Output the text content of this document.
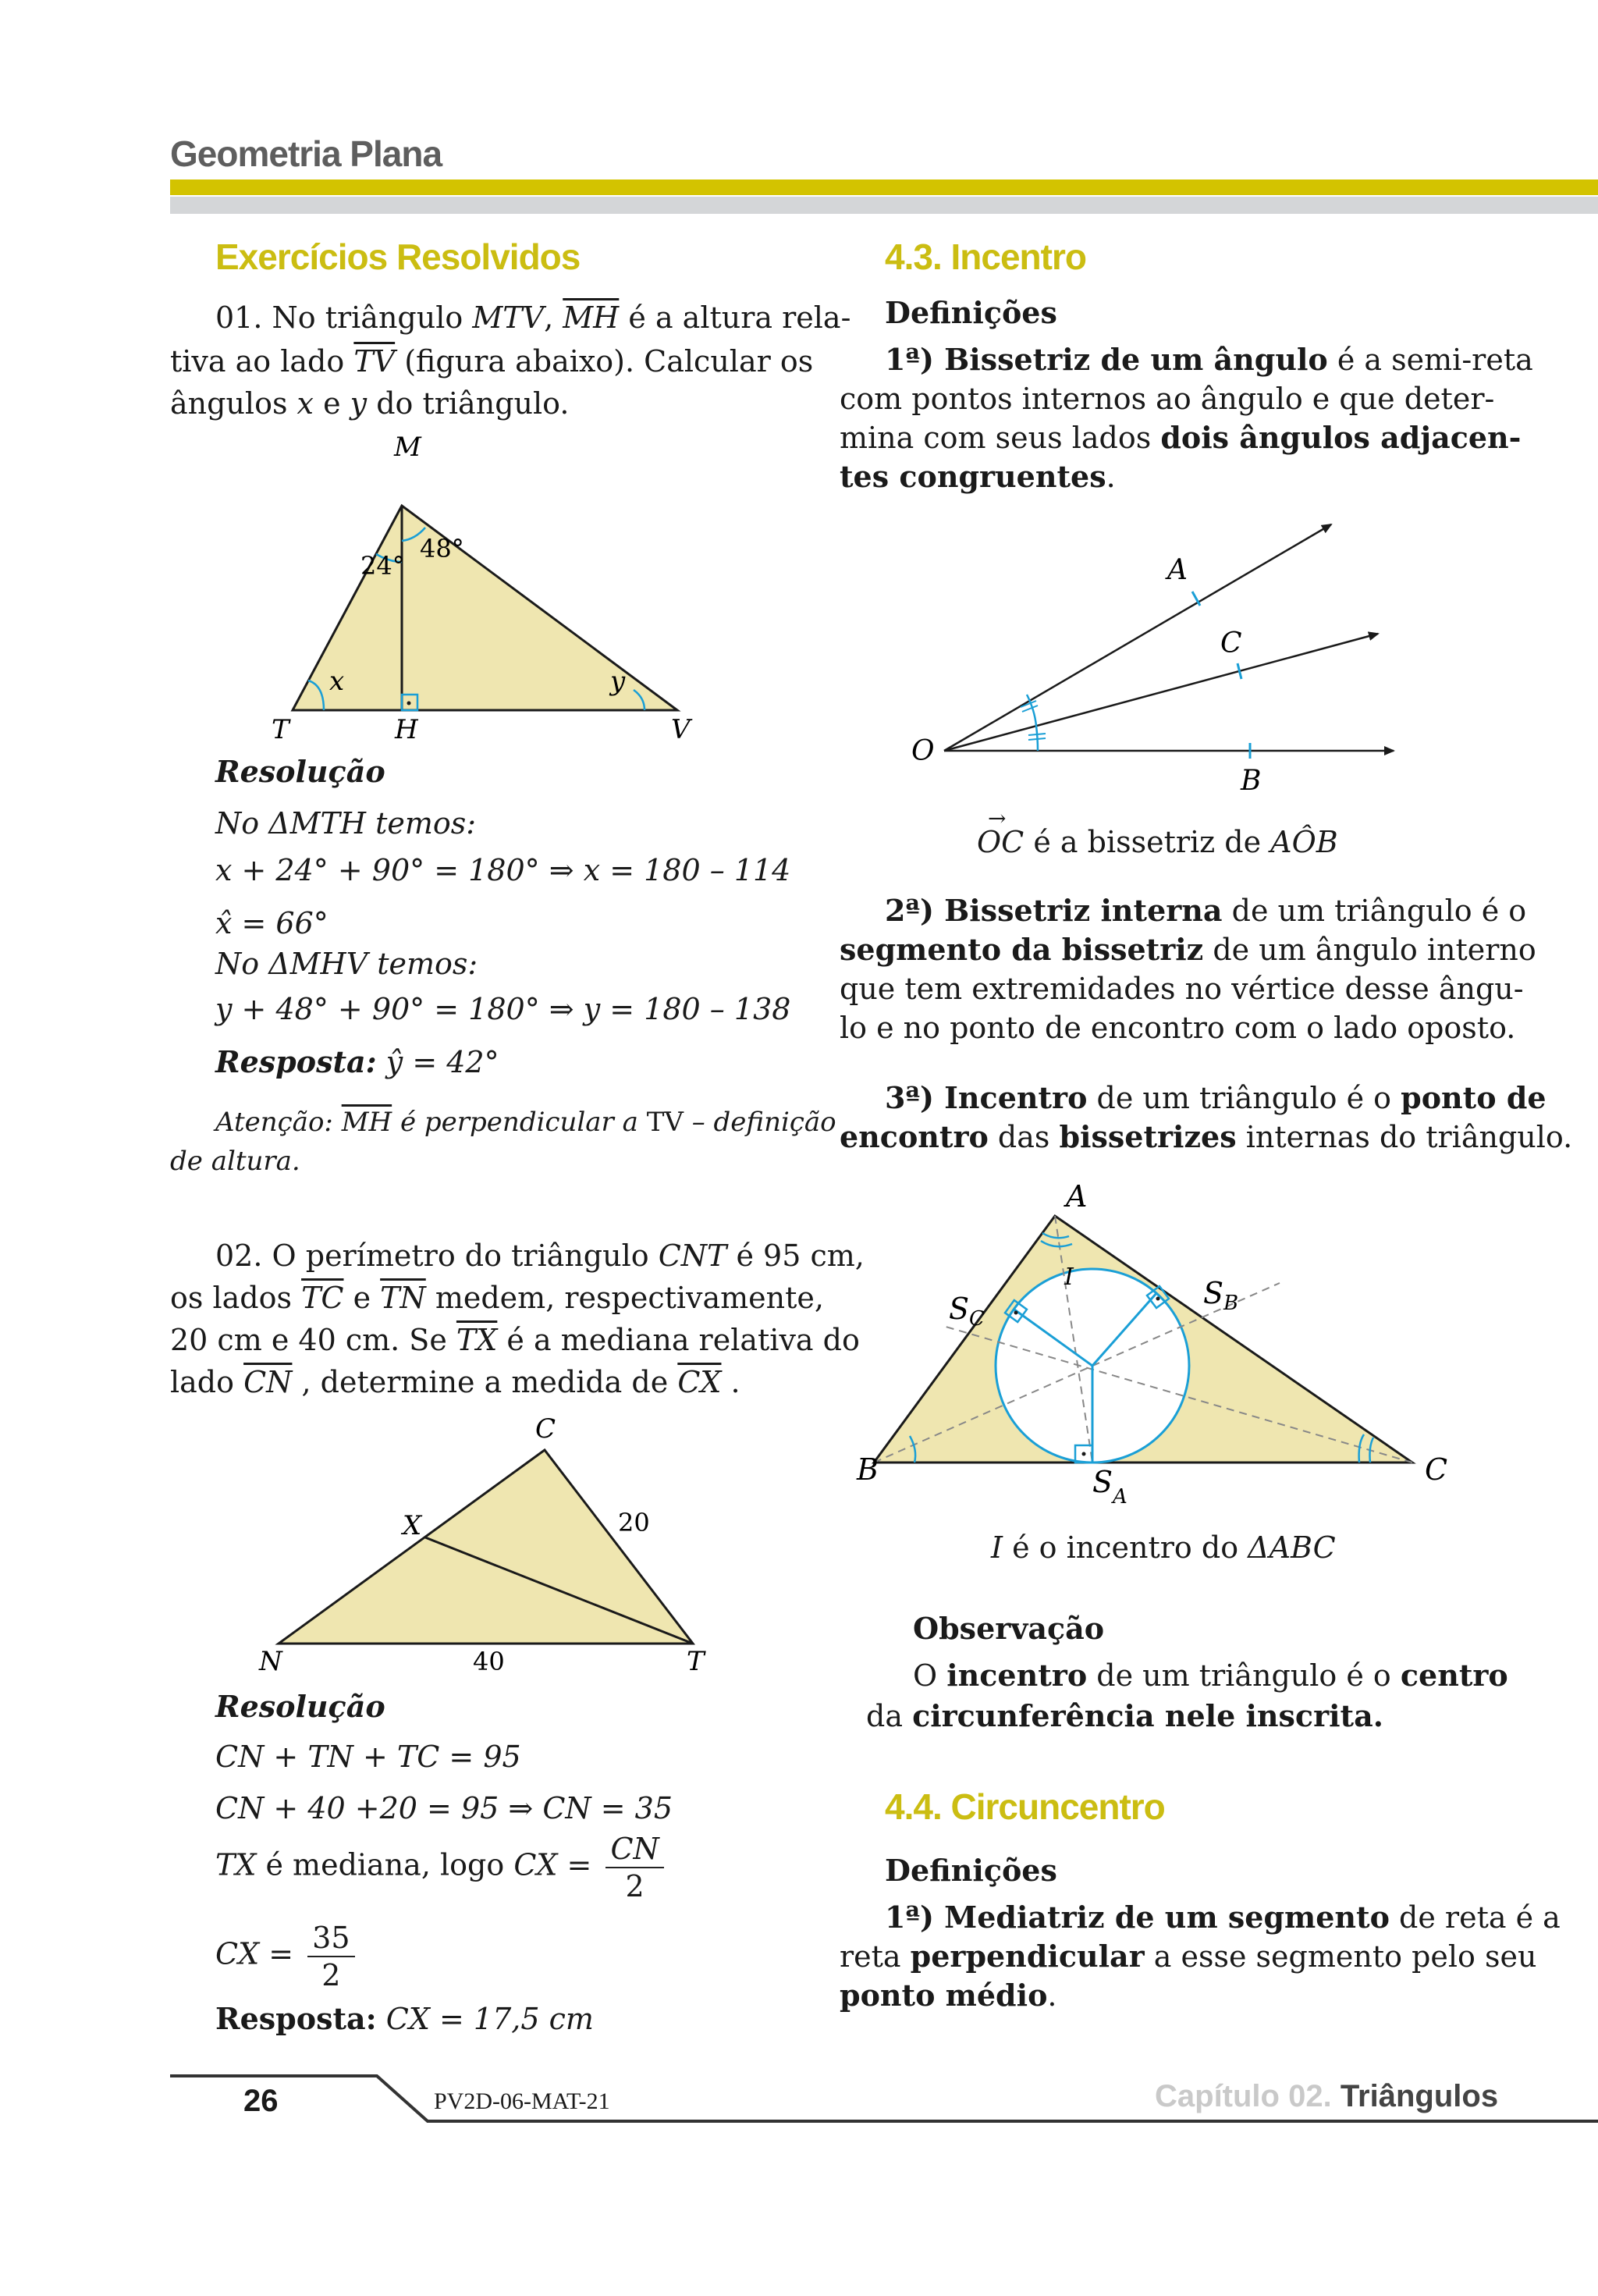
Geometria Plana
Exercícios Resolvidos
01. No triângulo MTV, $\overline{MH}$ é a altura rela-
tiva ao lado $\overline{TV}$ (figura abaixo). Calcular os
ângulos x e y do triângulo.
M
T	H	V
24°
48°
x	y
Resolução
No ΔMTH temos:
x + 24° + 90° = 180° ⇒ x = 180 – 114
x̂ = 66°
No ΔMHV temos:
y + 48° + 90° = 180° ⇒ y = 180 – 138
Resposta: ŷ = 42°
Atenção: $\overline{MH}$ é perpendicular a TV – definição
de altura.
02. O perímetro do triângulo CNT é 95 cm,
os lados $\overline{TC}$ e $\overline{TN}$ medem, respectivamente,
20 cm e 40 cm. Se $\overline{TX}$ é a mediana relativa do
lado $\overline{CN}$ , determine a medida de $\overline{CX}$ .
C
X
N	T
20
40
Resolução
CN + TN + TC = 95
CN + 40 +20 = 95 ⇒ CN = 35
TX é mediana, logo CX = $\frac{CN}{2}$
CX = $\frac{35}{2}$
Resposta: CX = 17,5 cm
4.3. Incentro
Definições
1ª) Bissetriz de um ângulo é a semi-reta
com pontos internos ao ângulo e que deter-
mina com seus lados dois ângulos adjacen-
tes congruentes.
A
C
O
B
→
OC é a bissetriz de AÔB
2ª) Bissetriz interna de um triângulo é o
segmento da bissetriz de um ângulo interno
que tem extremidades no vértice desse ângu-
lo e no ponto de encontro com o lado oposto.
3ª) Incentro de um triângulo é o ponto de
encontro das bissetrizes internas do triângulo.
I
A
B	C
$S_C$
$S_B$
$S_A$
I é o incentro do ΔABC
Observação
O incentro de um triângulo é o centro
da circunferência nele inscrita.
4.4. Circuncentro
Definições
1ª) Mediatriz de um segmento de reta é a
reta perpendicular a esse segmento pelo seu
ponto médio.
26	PV2D-06-MAT-21	Capítulo 02. Triângulos
